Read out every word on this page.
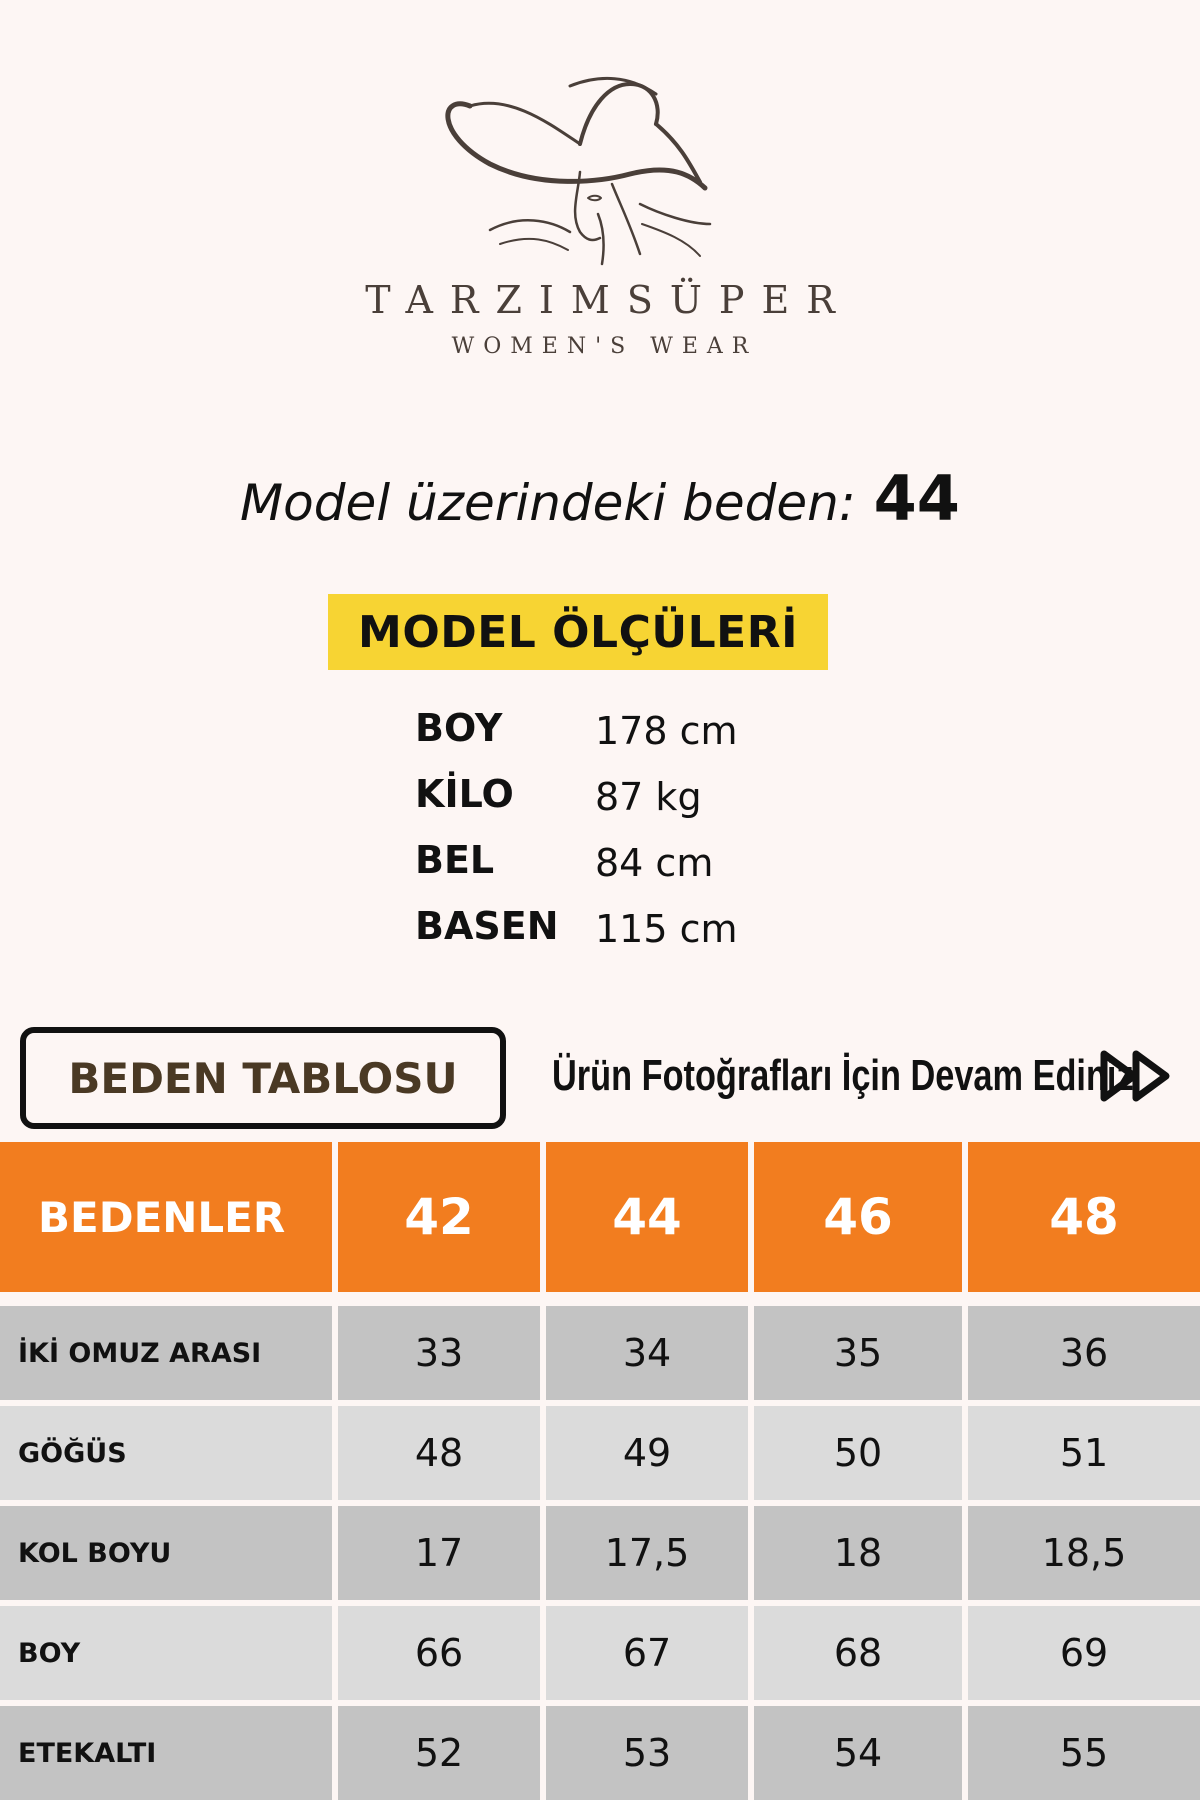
TARZIMSÜPER
WOMEN'S WEAR
Model üzerindeki beden: 44
MODEL ÖLÇÜLERİ
BOY	178 cm
KİLO	87 kg
BEL	84 cm
BASEN 115 cm
BEDEN TABLOSU Ürün Fotoğrafları İçin Devam Ediniz
BEDENLER	42	44	46	48
İKİ OMUZ ARASI	33	34	35	36
GÖĞÜS	48	49	50	51
KOL BOYU	17	17,5	18	18,5
BOY	66	67	68	69
ETEKALTI	52	53	54	55
